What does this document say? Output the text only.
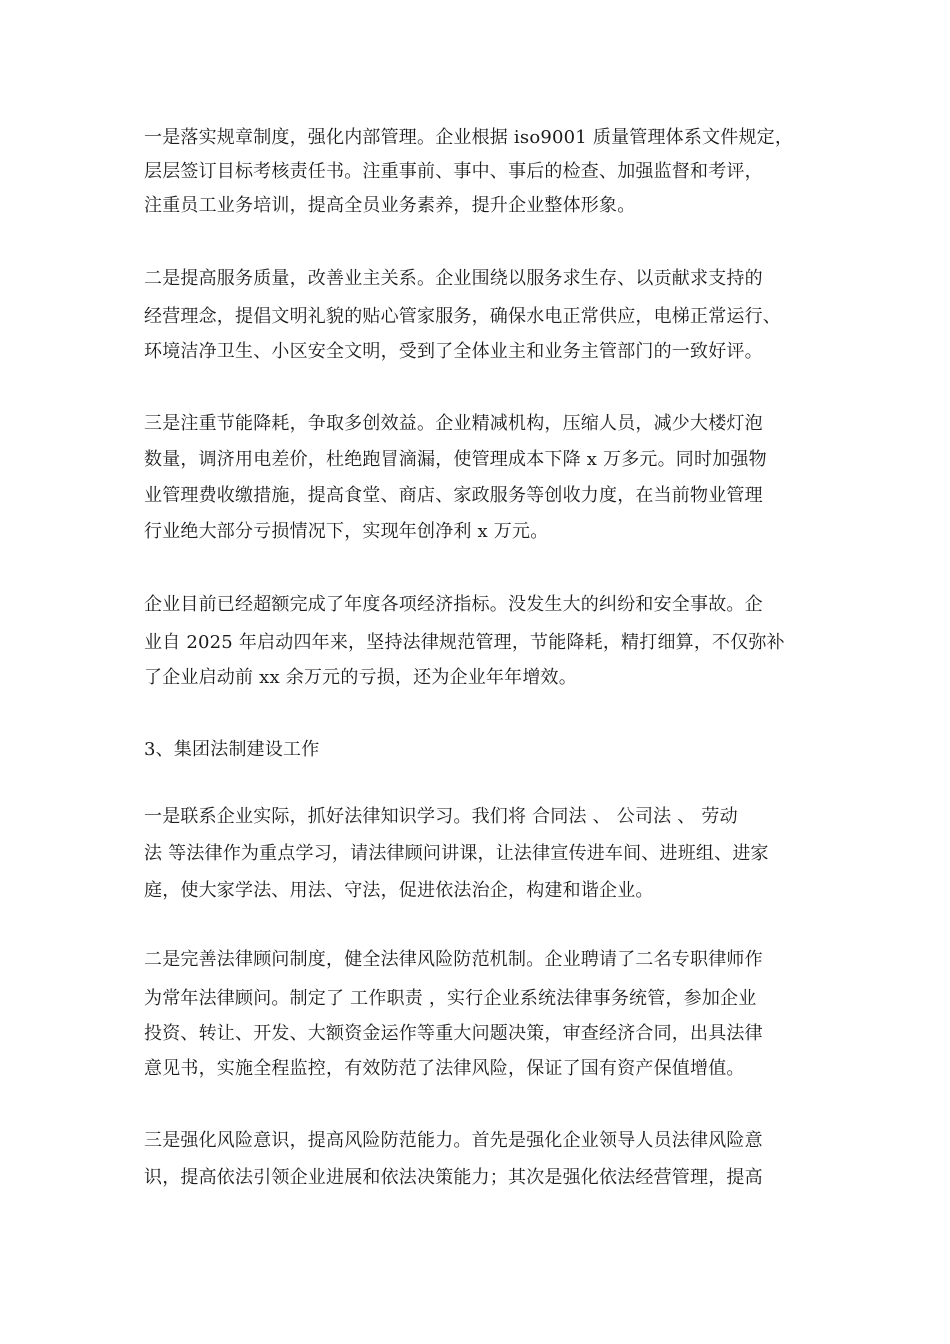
一是落实规章制度，强化内部管理。企业根据 iso9001 质量管理体系文件规定，
层层签订目标考核责任书。注重事前、事中、事后的检查、加强监督和考评，
注重员工业务培训，提高全员业务素养，提升企业整体形象。
二是提高服务质量，改善业主关系。企业围绕以服务求生存、以贡献求支持的
经营理念，提倡文明礼貌的贴心管家服务，确保水电正常供应，电梯正常运行、
环境洁净卫生、小区安全文明，受到了全体业主和业务主管部门的一致好评。
三是注重节能降耗，争取多创效益。企业精减机构，压缩人员，减少大楼灯泡
数量，调济用电差价，杜绝跑冒滴漏，使管理成本下降 x 万多元。同时加强物
业管理费收缴措施，提高食堂、商店、家政服务等创收力度，在当前物业管理
行业绝大部分亏损情况下，实现年创净利 x 万元。
企业目前已经超额完成了年度各项经济指标。没发生大的纠纷和安全事故。企
业自 2025 年启动四年来，坚持法律规范管理，节能降耗，精打细算，不仅弥补
了企业启动前 xx 余万元的亏损，还为企业年年增效。
3、集团法制建设工作
一是联系企业实际，抓好法律知识学习。我们将 合同法 、 公司法 、 劳动
法 等法律作为重点学习，请法律顾问讲课，让法律宣传进车间、进班组、进家
庭，使大家学法、用法、守法，促进依法治企，构建和谐企业。
二是完善法律顾问制度，健全法律风险防范机制。企业聘请了二名专职律师作
为常年法律顾问。制定了 工作职责 ，实行企业系统法律事务统管，参加企业
投资、转让、开发、大额资金运作等重大问题决策，审查经济合同，出具法律
意见书，实施全程监控，有效防范了法律风险，保证了国有资产保值增值。
三是强化风险意识，提高风险防范能力。首先是强化企业领导人员法律风险意
识，提高依法引领企业进展和依法决策能力；其次是强化依法经营管理，提高
